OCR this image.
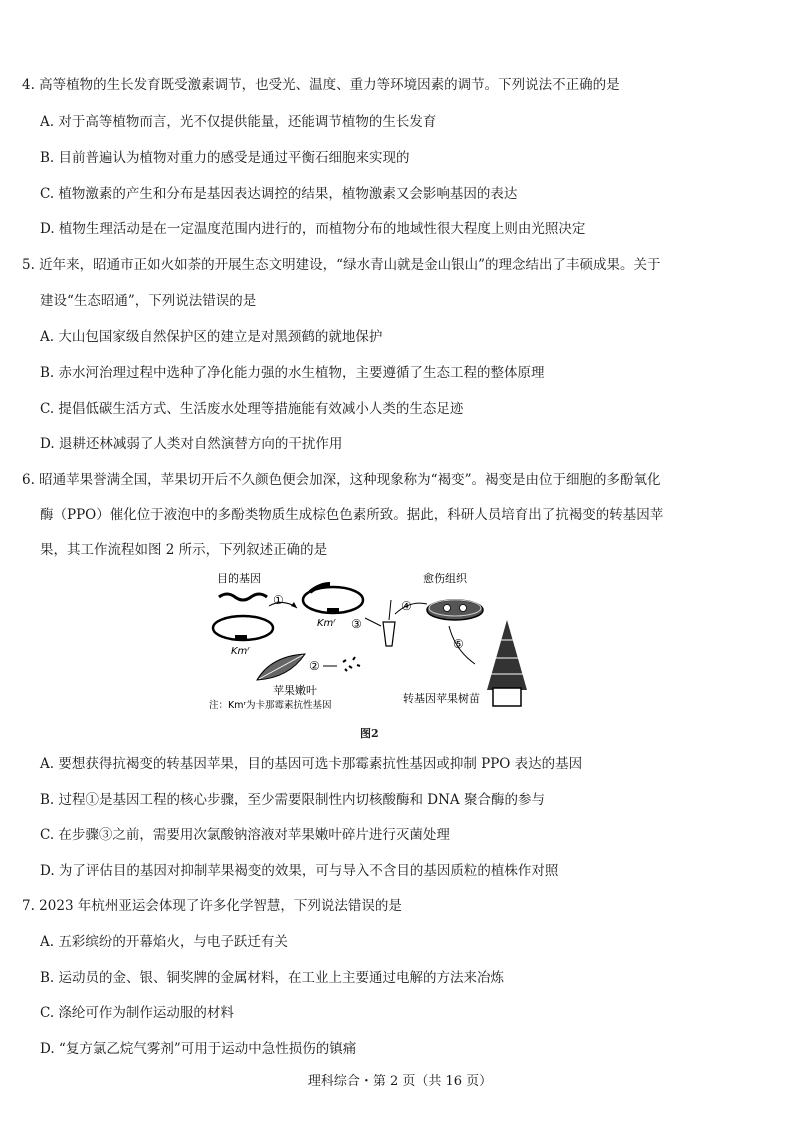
4. 高等植物的生长发育既受激素调节，也受光、温度、重力等环境因素的调节。下列说法不正确的是
A. 对于高等植物而言，光不仅提供能量，还能调节植物的生长发育
B. 目前普遍认为植物对重力的感受是通过平衡石细胞来实现的
C. 植物激素的产生和分布是基因表达调控的结果，植物激素又会影响基因的表达
D. 植物生理活动是在一定温度范围内进行的，而植物分布的地域性很大程度上则由光照决定
5. 近年来，昭通市正如火如荼的开展生态文明建设，“绿水青山就是金山银山”的理念结出了丰硕成果。关于
建设“生态昭通”，下列说法错误的是
A. 大山包国家级自然保护区的建立是对黑颈鹤的就地保护
B. 赤水河治理过程中选种了净化能力强的水生植物，主要遵循了生态工程的整体原理
C. 提倡低碳生活方式、生活废水处理等措施能有效减小人类的生态足迹
D. 退耕还林减弱了人类对自然演替方向的干扰作用
6. 昭通苹果誉满全国，苹果切开后不久颜色便会加深，这种现象称为“褐变”。褐变是由位于细胞的多酚氧化
酶（PPO）催化位于液泡中的多酚类物质生成棕色色素所致。据此，科研人员培育出了抗褐变的转基因苹
果，其工作流程如图 2 所示，下列叙述正确的是
目的基因
Kmʳ
①
Kmʳ ③
④
愈伤组织
⑤
转基因苹果树苗
苹果嫩叶
②
注：Kmʳ为卡那霉素抗性基因
图2
A. 要想获得抗褐变的转基因苹果，目的基因可选卡那霉素抗性基因或抑制 PPO 表达的基因
B. 过程①是基因工程的核心步骤，至少需要限制性内切核酸酶和 DNA 聚合酶的参与
C. 在步骤③之前，需要用次氯酸钠溶液对苹果嫩叶碎片进行灭菌处理
D. 为了评估目的基因对抑制苹果褐变的效果，可与导入不含目的基因质粒的植株作对照
7. 2023 年杭州亚运会体现了许多化学智慧，下列说法错误的是
A. 五彩缤纷的开幕焰火，与电子跃迁有关
B. 运动员的金、银、铜奖牌的金属材料，在工业上主要通过电解的方法来冶炼
C. 涤纶可作为制作运动服的材料
D. “复方氯乙烷气雾剂”可用于运动中急性损伤的镇痛
理科综合・第 2 页（共 16 页）
